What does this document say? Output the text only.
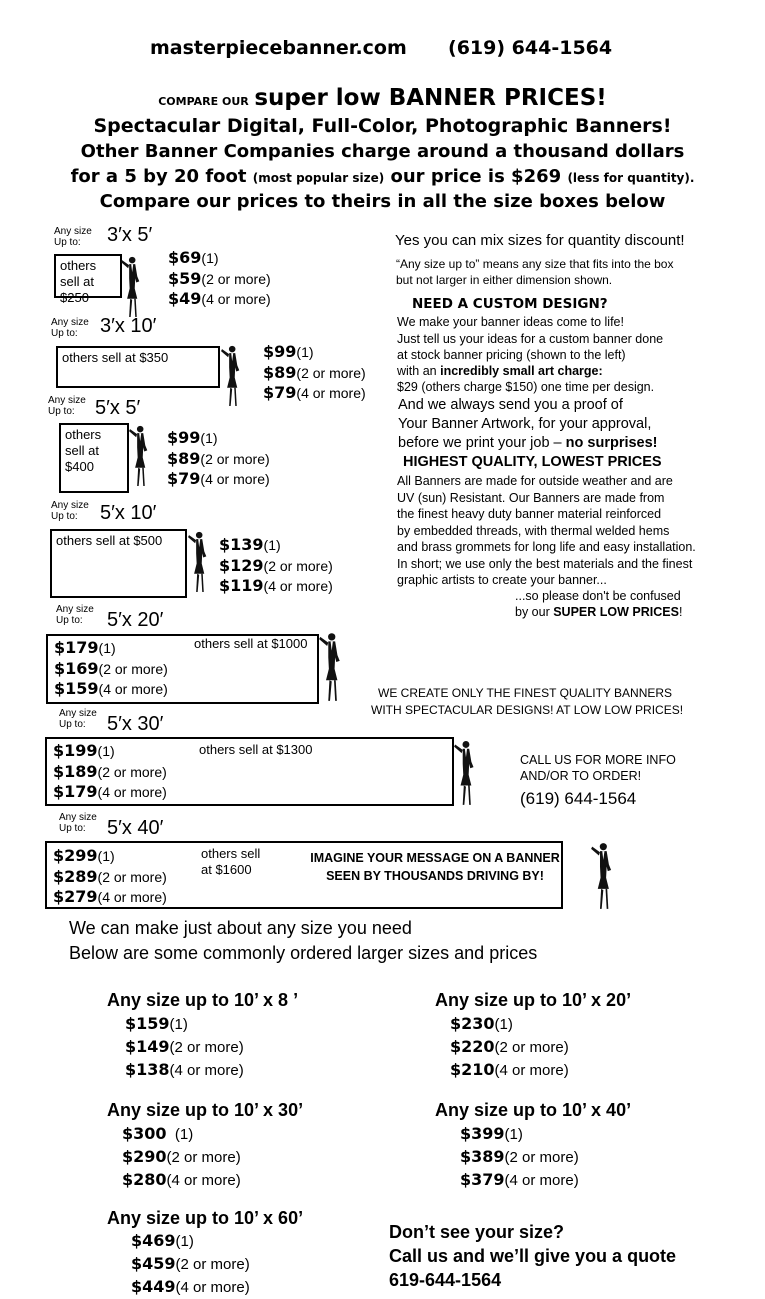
masterpiecebanner.com (619) 644-1564
COMPARE OUR super low BANNER PRICES!
Spectacular Digital, Full-Color, Photographic Banners!
Other Banner Companies charge around a thousand dollars
for a 5 by 20 foot (most popular size) our price is $269 (less for quantity).
Compare our prices to theirs in all the size boxes below
Any size
Up to:	3′x 5′
others sell at $250
$69(1)
$59(2 or more)
$49(4 or more)
Any size
Up to:	3′x 10′
others sell at $350	$99(1)
$89(2 or more)
$79(4 or more)
Any size
Up to:	5′x 5′
others sell at $400
$99(1)
$89(2 or more)
$79(4 or more)
Any size
Up to:	5′x 10′
others sell at $500	$139(1)
$129(2 or more)
$119(4 or more)
Any size
Up to:	5′x 20′
others sell at $1000
$179(1)
$169(2 or more)
$159(4 or more)
Any size
Up to:	5′x 30′
others sell at $1300
$199(1)
$189(2 or more)
$179(4 or more)
Any size
Up to:	5′x 40′
others sell at $1600
$299(1)
$289(2 or more)
$279(4 or more)
IMAGINE YOUR MESSAGE ON A BANNER
SEEN BY THOUSANDS DRIVING BY!
Yes you can mix sizes for quantity discount!
“Any size up to” means any size that fits into the box
but not larger in either dimension shown.
NEED A CUSTOM DESIGN?
We make your banner ideas come to life!
Just tell us your ideas for a custom banner done
at stock banner pricing (shown to the left)
with an incredibly small art charge:
$29 (others charge $150) one time per design.
And we always send you a proof of
Your Banner Artwork, for your approval,
before we print your job – no surprises!
HIGHEST QUALITY, LOWEST PRICES
All Banners are made for outside weather and are
UV (sun) Resistant. Our Banners are made from
the finest heavy duty banner material reinforced
by embedded threads, with thermal welded hems
and brass grommets for long life and easy installation.
In short; we use only the best materials and the finest
graphic artists to create your banner...
...so please don't be confused
by our SUPER LOW PRICES!
WE CREATE ONLY THE FINEST QUALITY BANNERS
WITH SPECTACULAR DESIGNS! AT LOW LOW PRICES!
CALL US FOR MORE INFO
AND/OR TO ORDER!
(619) 644-1564
We can make just about any size you need
Below are some commonly ordered larger sizes and prices
Any size up to 10’ x 8 ’
$159(1)
$149(2 or more)
$138(4 or more)
Any size up to 10’ x 20’
$230(1)
$220(2 or more)
$210(4 or more)
Any size up to 10’ x 30’
$300  (1)
$290(2 or more)
$280(4 or more)
Any size up to 10’ x 40’
$399(1)
$389(2 or more)
$379(4 or more)
Any size up to 10’ x 60’
$469(1)
$459(2 or more)
$449(4 or more)
Don’t see your size?
Call us and we’ll give you a quote
619-644-1564
